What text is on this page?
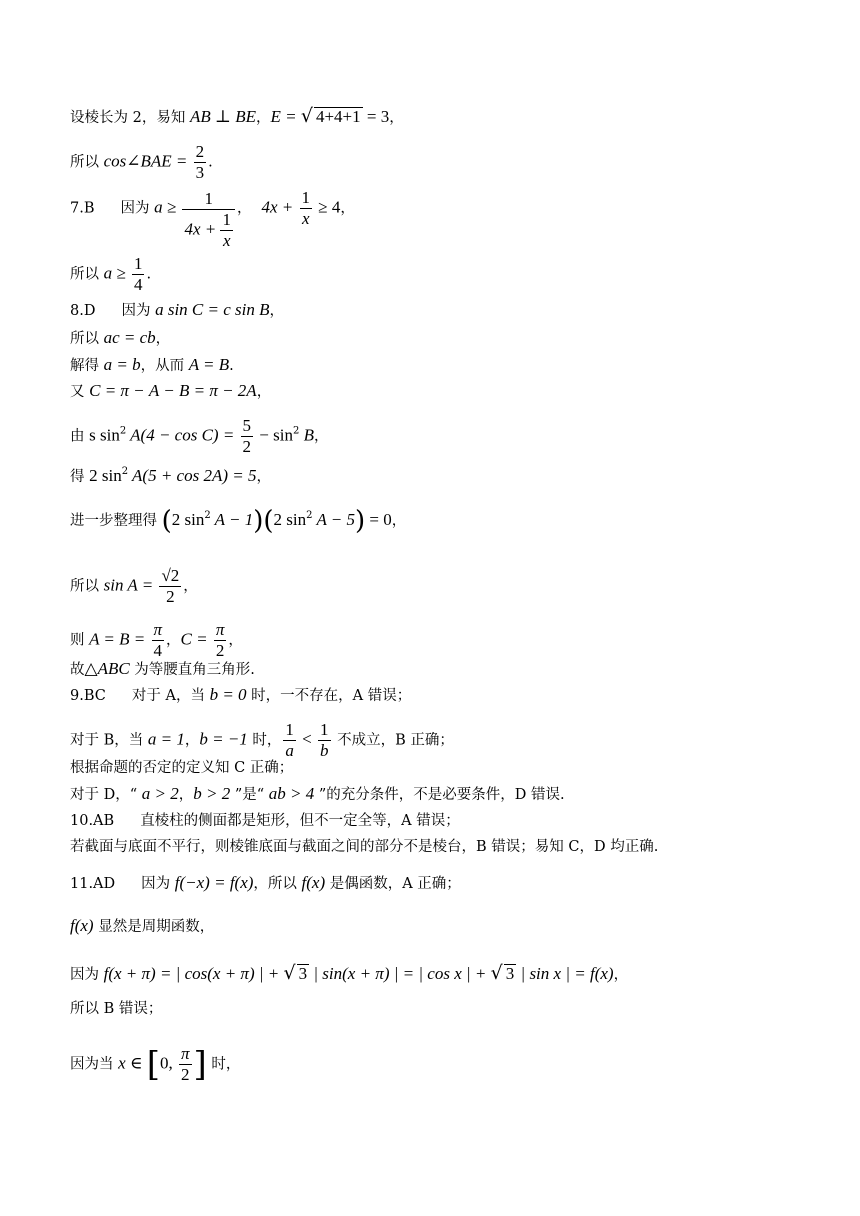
设棱长为 2，易知 AB ⊥ BE，E = √ 4+4+1 = 3，
所以 cos∠BAE = $\frac{2}{3}$ .
7.B 因为 $a \ge \frac{1}{4x + \frac{1}{x}}$ ， $4x + \frac{1}{x} \ge 4$，
所以 $a \ge \frac{1}{4}$ .
8.D 因为 a sin C = c sin B，
所以 ac = cb，
解得 a = b，从而 A = B.
又 C = π − A − B = π − 2A，
由 s $\sin^2 A(4 - \cos C) = \frac{5}{2} - \sin^2 B$，
得 2 $\sin^2 A(5 + \cos 2A) = 5$，
进一步整理得 (2 $\sin^2 A - 1)(2$ $\sin^2 A - 5) = 0$，
所以 $\sin A = \frac{√2}{2}$ ，
则 $A = B = \frac{\pi}{4}$ ，$C = \frac{\pi}{2}$ ，
故△ABC 为等腰直角三角形.
9.BC 对于 A，当 b = 0 时，一不存在，A 错误；
对于 B，当 a = 1，b = −1 时， $\frac{1}{a} < \frac{1}{b}$ 不成立，B 正确；
根据命题的否定的定义知 C 正确；
对于 D，“ a > 2，b > 2 ”是“ ab > 4 ”的充分条件，不是必要条件，D 错误.
10.AB 直棱柱的侧面都是矩形，但不一定全等，A 错误；
若截面与底面不平行，则棱锥底面与截面之间的部分不是棱台，B 错误；易知 C，D 均正确.
11.AD 因为 f(−x) = f(x)，所以 f(x) 是偶函数，A 正确；
f(x) 显然是周期函数，
因为 f(x + π) = | cos(x + π) | + √ 3 | sin(x + π) | = | cos x | + √ 3 | sin x | = f(x)，
所以 B 错误；
因为当 x ∈ [0, $\frac{\pi}{2}$ ] 时，
